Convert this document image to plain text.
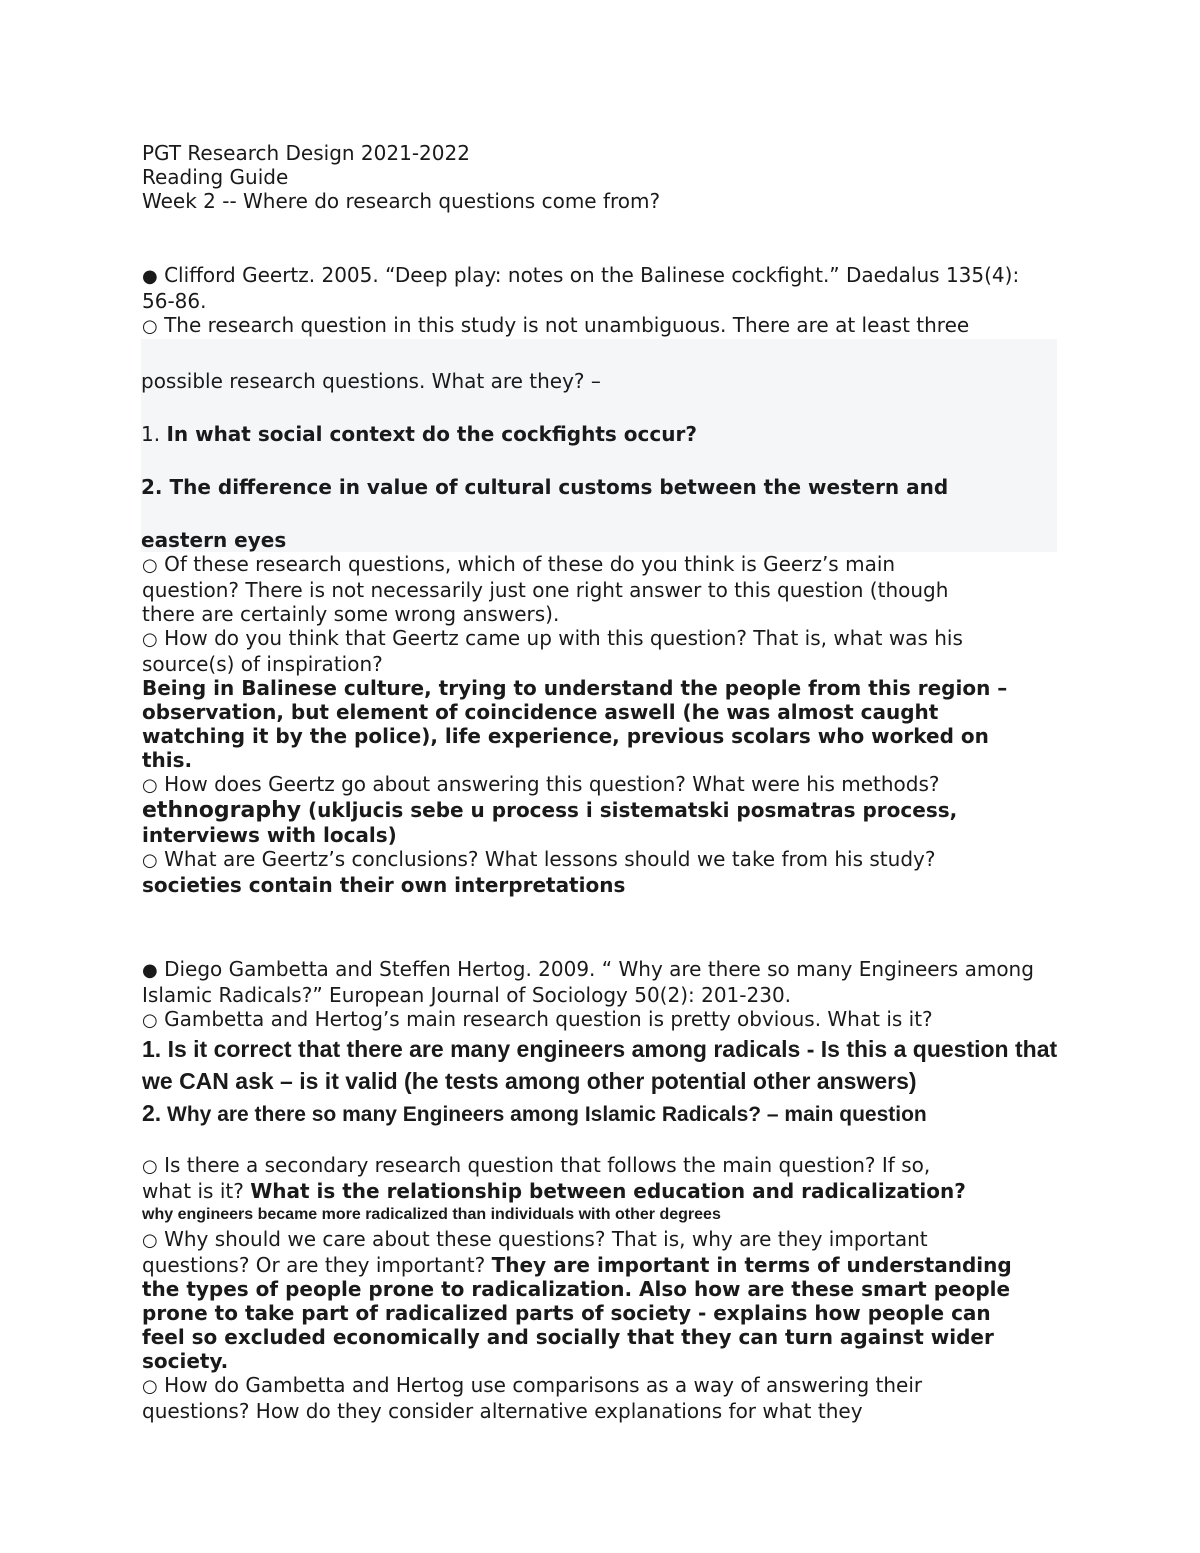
PGT Research Design 2021-2022

Reading Guide

Week 2 -- Where do research questions come from?

● Clifford Geertz. 2005. “Deep play: notes on the Balinese cockfight.” Daedalus 135(4):

56-86.

○ The research question in this study is not unambiguous. There are at least three

possible research questions. What are they? –

1. In what social context do the cockfights occur?

2. The difference in value of cultural customs between the western and

eastern eyes

○ Of these research questions, which of these do you think is Geerz’s main

question? There is not necessarily just one right answer to this question (though

there are certainly some wrong answers).

○ How do you think that Geertz came up with this question? That is, what was his

source(s) of inspiration?

Being in Balinese culture, trying to understand the people from this region –

observation, but element of coincidence aswell (he was almost caught

watching it by the police), life experience, previous scolars who worked on

this.

○ How does Geertz go about answering this question? What were his methods?

ethnography (ukljucis sebe u process i sistematski posmatras process,

interviews with locals)

○ What are Geertz’s conclusions? What lessons should we take from his study?

societies contain their own interpretations

● Diego Gambetta and Steffen Hertog. 2009. “ Why are there so many Engineers among

Islamic Radicals?” European Journal of Sociology 50(2): 201-230.

○ Gambetta and Hertog’s main research question is pretty obvious. What is it?

1. Is it correct that there are many engineers among radicals - Is this a question that

we CAN ask – is it valid (he tests among other potential other answers)

2. Why are there so many Engineers among Islamic Radicals? – main question

○ Is there a secondary research question that follows the main question? If so,

what is it? What is the relationship between education and radicalization?

why engineers became more radicalized than individuals with other degrees

○ Why should we care about these questions? That is, why are they important

questions? Or are they important? They are important in terms of understanding

the types of people prone to radicalization. Also how are these smart people

prone to take part of radicalized parts of society - explains how people can

feel so excluded economically and socially that they can turn against wider

society.

○ How do Gambetta and Hertog use comparisons as a way of answering their

questions? How do they consider alternative explanations for what they
